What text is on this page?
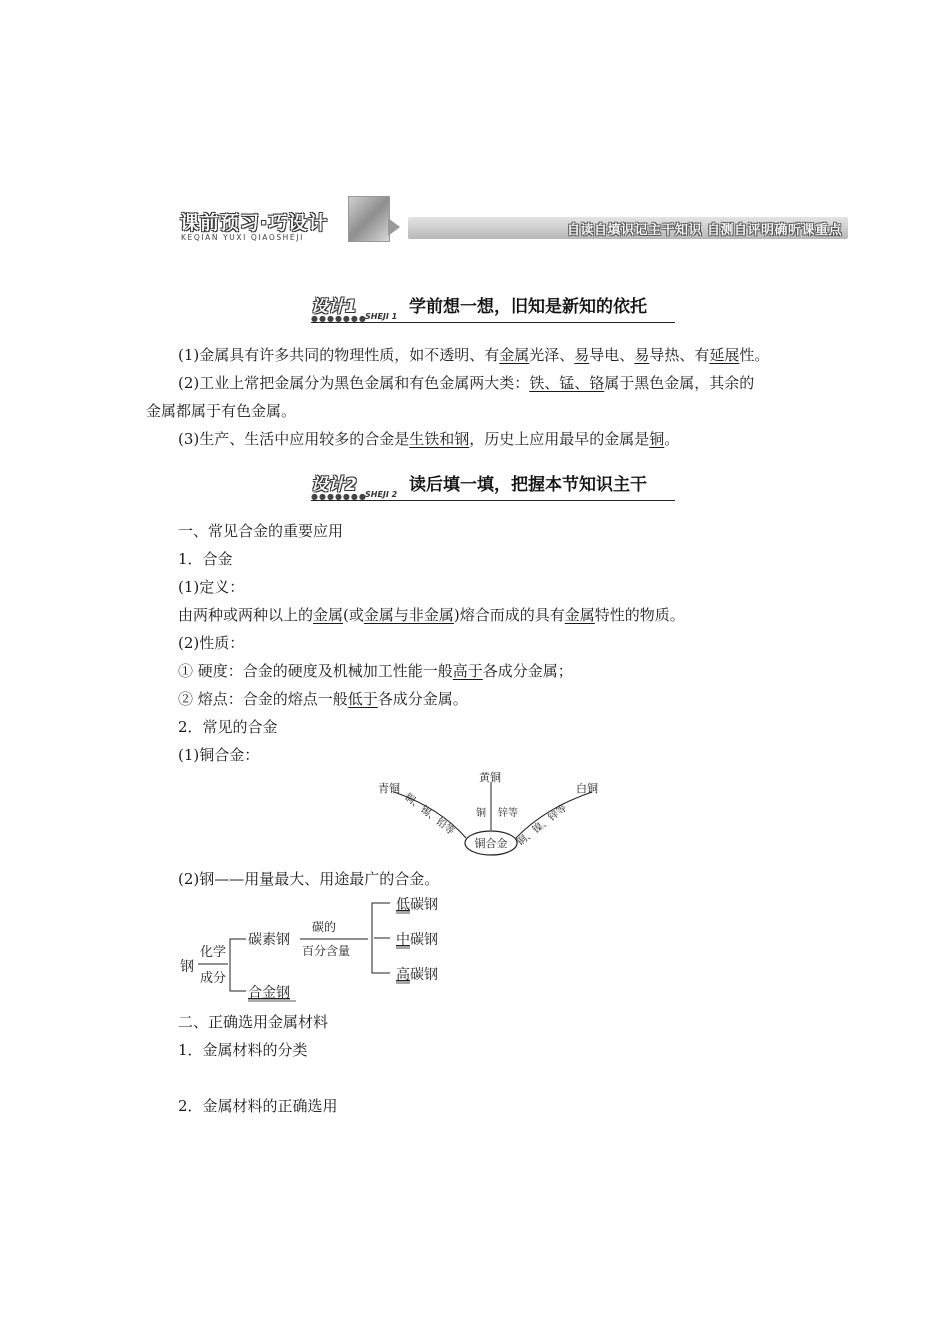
课前预习·巧设计
KEQIAN YUXI QIAOSHEJI	自读自填识记主干知识 自测自评明确听课重点
设计1
●●●●●●●
SHEJI 1 学前想一想，旧知是新知的依托
(1)金属具有许多共同的物理性质，如不透明、有金属光泽、易导电、易导热、有延展性。
(2)工业上常把金属分为黑色金属和有色金属两大类：铁、锰、铬属于黑色金属，其余的
金属都属于有色金属。
(3)生产、生活中应用较多的合金是生铁和钢，历史上应用最早的金属是铜。
设计2
●●●●●●●
SHEJI 2 读后填一填，把握本节知识主干
一、常见合金的重要应用
1．合金
(1)定义：
由两种或两种以上的金属(或金属与非金属)熔合而成的具有金属特性的物质。
(2)性质：
① 硬度：合金的硬度及机械加工性能一般高于各成分金属；
② 熔点：合金的熔点一般低于各成分金属。
2．常见的合金
(1)铜合金：
铜合金
青铜
铜、锡、铅等
黄铜
铜 锌等
白铜
铜、镍、锌等
(2)钢——用量最大、用途最广的合金。
钢
化学
成分
碳素钢
合金钢
碳的
百分含量
低碳钢
中碳钢
高碳钢
二、正确选用金属材料
1．金属材料的分类
2．金属材料的正确选用
